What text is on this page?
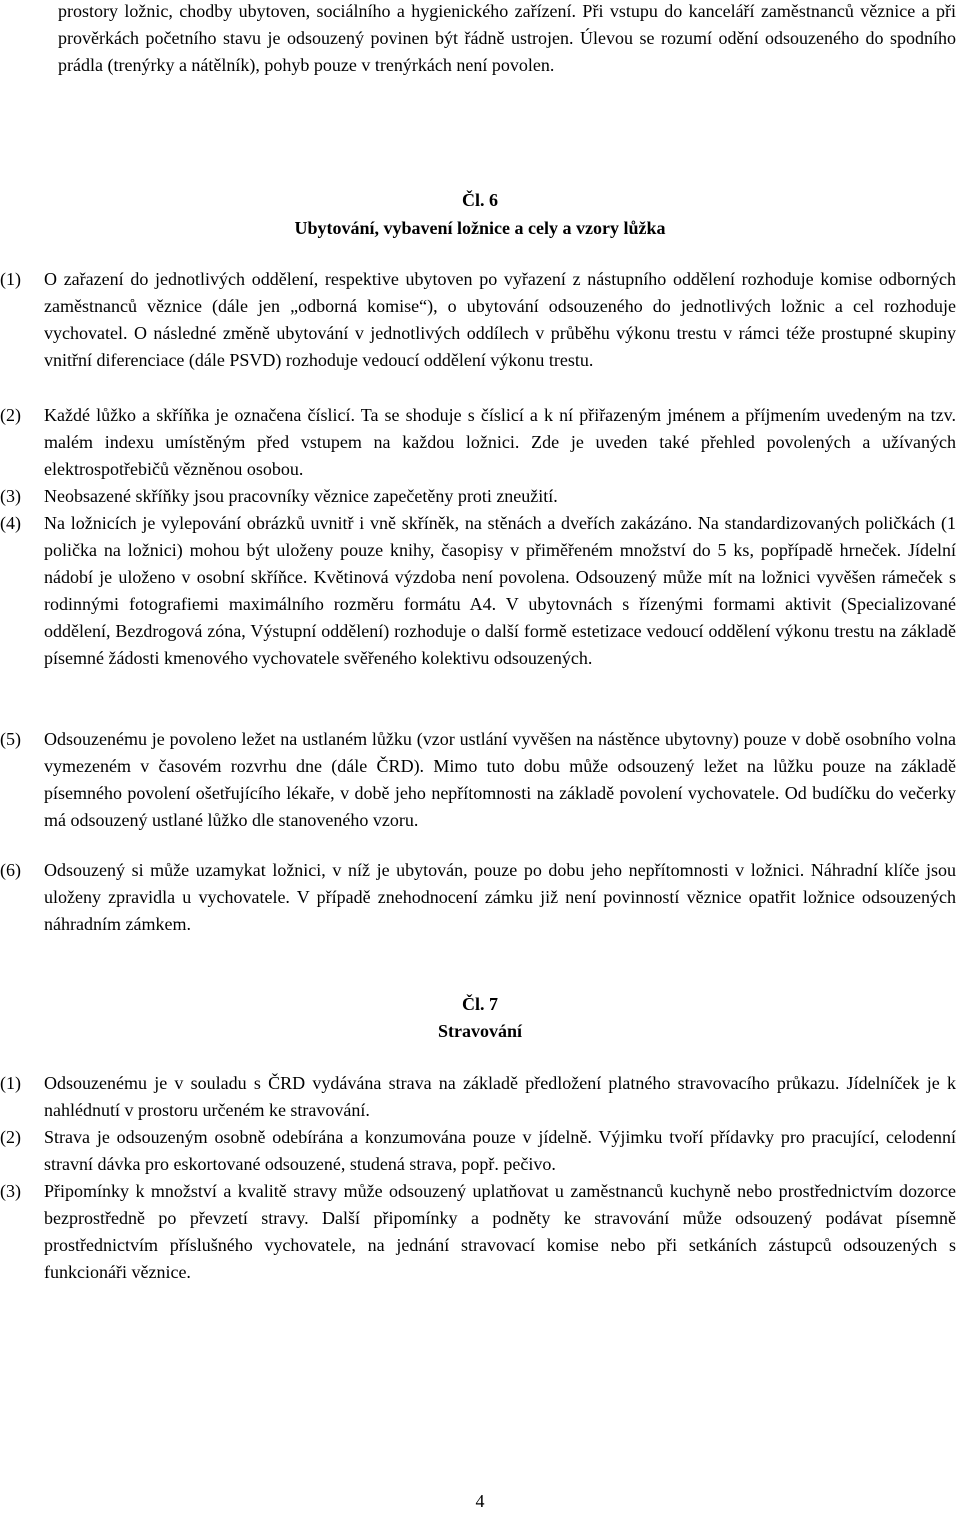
prostory ložnic, chodby ubytoven, sociálního a hygienického zařízení. Při vstupu do kanceláří zaměstnanců věznice a při prověrkách početního stavu je odsouzený povinen být řádně ustrojen. Úlevou se rozumí odění odsouzeného do spodního prádla (trenýrky a nátělník), pohyb pouze v trenýrkách není povolen.

Čl. 6
Ubytování, vybavení ložnice a cely a vzory lůžka
(1)	O zařazení do jednotlivých oddělení, respektive ubytoven po vyřazení z nástupního oddělení rozhoduje komise odborných zaměstnanců věznice (dále jen „odborná komise“), o ubytování odsouzeného do jednotlivých ložnic a cel rozhoduje vychovatel. O následné změně ubytování v jednotlivých oddílech v průběhu výkonu trestu v rámci téže prostupné skupiny vnitřní diferenciace (dále PSVD) rozhoduje vedoucí oddělení výkonu trestu.

(2)	Každé lůžko a skříňka je označena číslicí. Ta se shoduje s číslicí a k ní přiřazeným jménem a příjmením uvedeným na tzv. malém indexu umístěným před vstupem na každou ložnici. Zde je uveden také přehled povolených a užívaných elektrospotřebičů vězněnou osobou.

(3)	Neobsazené skříňky jsou pracovníky věznice zapečetěny proti zneužití.

(4)	Na ložnicích je vylepování obrázků uvnitř i vně skříněk, na stěnách a dveřích zakázáno. Na standardizovaných poličkách (1 polička na ložnici) mohou být uloženy pouze knihy, časopisy v přiměřeném množství do 5 ks, popřípadě hrneček. Jídelní nádobí je uloženo v osobní skříňce. Květinová výzdoba není povolena. Odsouzený může mít na ložnici vyvěšen rámeček s rodinnými fotografiemi maximálního rozměru formátu A4. V ubytovnách s řízenými formami aktivit (Specializované oddělení, Bezdrogová zóna, Výstupní oddělení) rozhoduje o další formě estetizace vedoucí oddělení výkonu trestu na základě písemné žádosti kmenového vychovatele svěřeného kolektivu odsouzených.

(5)	Odsouzenému je povoleno ležet na ustlaném lůžku (vzor ustlání vyvěšen na nástěnce ubytovny) pouze v době osobního volna vymezeném v časovém rozvrhu dne (dále ČRD). Mimo tuto dobu může odsouzený ležet na lůžku pouze na základě písemného povolení ošetřujícího lékaře, v době jeho nepřítomnosti na základě povolení vychovatele. Od budíčku do večerky má odsouzený ustlané lůžko dle stanoveného vzoru.

(6)	Odsouzený si může uzamykat ložnici, v níž je ubytován, pouze po dobu jeho nepřítomnosti v ložnici. Náhradní klíče jsou uloženy zpravidla u vychovatele. V případě znehodnocení zámku již není povinností věznice opatřit ložnice odsouzených náhradním zámkem.

Čl. 7
Stravování
(1)	Odsouzenému je v souladu s ČRD vydávána strava na základě předložení platného stravovacího průkazu. Jídelníček je k nahlédnutí v prostoru určeném ke stravování.

(2)	Strava je odsouzeným osobně odebírána a konzumována pouze v jídelně. Výjimku tvoří přídavky pro pracující, celodenní stravní dávka pro eskortované odsouzené, studená strava, popř. pečivo.

(3)	Připomínky k množství a kvalitě stravy může odsouzený uplatňovat u zaměstnanců kuchyně nebo prostřednictvím dozorce bezprostředně po převzetí stravy. Další připomínky a podněty ke stravování může odsouzený podávat písemně prostřednictvím příslušného vychovatele, na jednání stravovací komise nebo při setkáních zástupců odsouzených s funkcionáři věznice.

4
